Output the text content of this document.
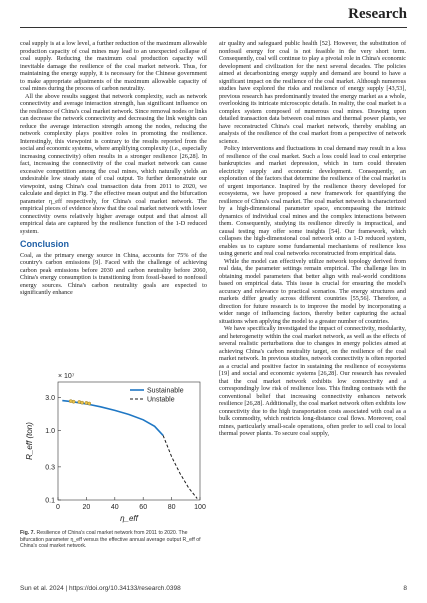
Research

coal supply is at a low level, a further reduction of the maximum allowable production capacity of coal mines may lead to an unexpected collapse of coal supply. Reducing the maximum coal production capacity will inevitable damage the resilience of the coal market network. Thus, for maintaining the energy supply, it is necessary for the Chinese government to make appropriate adjustments of the maximum allowable capacity of coal mines during the process of carbon neutrality.

All the above results suggest that network complexity, such as network connectivity and average interaction strength, has significant influence on the resilience of China's coal market network. Since removal nodes or links can decrease the network connectivity and decreasing the link weights can reduce the average interaction strength among the nodes, reducing the network complexity plays positive roles in promoting the resilience. Interestingly, this viewpoint is contrary to the results reported from the social and economic systems, where amplifying complexity (i.e., especially increasing connectivity) often results in a stronger resilience [26,28]. In fact, increasing the connectivity of the coal market network can cause excessive competition among the coal mines, which naturally yields an undesirable low steady state of coal output. To further demonstrate our viewpoint, using China's coal transaction data from 2011 to 2020, we calculate and depict in Fig. 7 the effective mean output and the bifurcation parameter η_eff respectively, for China's coal market network. The empirical pieces of evidence show that the coal market network with lower connectivity owns relatively higher average output and that almost all empirical data are captured by the resilience function of the 1-D reduced system.

Conclusion

Coal, as the primary energy source in China, accounts for 75% of the country's carbon emissions [9]. Faced with the challenge of achieving carbon peak emissions before 2030 and carbon neutrality before 2060, China's energy consumption is transitioning from fossil-based to nonfossil energy sources. China's carbon neutrality goals are expected to significantly enhance

air quality and safeguard public health [52]. However, the substitution of nonfossil energy for coal is not feasible in the very short term. Consequently, coal will continue to play a pivotal role in China's economic development and civilization for the next several decades. The policies aimed at decarbonizing energy supply and demand are bound to have a significant impact on the resilience of the coal market. Although numerous studies have explored the risks and resilience of energy supply [43,53], previous research has predominantly treated the energy market as a whole, overlooking its intricate microscopic details. In reality, the coal market is a complex system composed of numerous coal mines. Drawing upon detailed transaction data between coal mines and thermal power plants, we have reconstructed China's coal market network, thereby enabling an analysis of the resilience of the coal market from a perspective of network science.

Policy interventions and fluctuations in coal demand may result in a loss of resilience of the coal market. Such a loss could lead to coal enterprise bankruptcies and market depression, which in turn could threaten electricity supply and economic development. Consequently, an exploration of the factors that determine the resilience of the coal market is of urgent importance. Inspired by the resilience theory developed for ecosystems, we have proposed a new framework for quantifying the resilience of China's coal market. The coal market network is characterized by a high-dimensional parameter space, encompassing the intrinsic dynamics of individual coal mines and the complex interactions between them. Consequently, studying its resilience directly is impractical, and causal testing may offer some insights [54]. Our framework, which collapses the high-dimensional coal network onto a 1-D reduced system, enables us to capture some fundamental mechanisms of resilience loss using generic and real coal networks reconstructed from empirical data.

While the model can effectively utilize network topology derived from real data, the parameter settings remain empirical. The challenge lies in obtaining model parameters that better align with real-world conditions based on empirical data. This issue is crucial for ensuring the model's accuracy and relevance to practical scenarios. The energy structures and markets differ greatly across different countries [55,56]. Therefore, a direction for future research is to improve the model by incorporating a wider range of influencing factors, thereby better capturing the actual situations when applying the model to a greater number of countries.

We have specifically investigated the impact of connectivity, modularity, and heterogeneity within the coal market network, as well as the effects of several realistic perturbations due to changes in energy policies aimed at achieving China's carbon neutrality target, on the resilience of the coal market network. In previous studies, network connectivity is often reported as a crucial and positive factor in sustaining the resilience of ecosystems [19] and social and economic systems [26,28]. Our research has revealed that the coal market network exhibits low connectivity and a correspondingly low risk of resilience loss. This finding contrasts with the conventional belief that increasing connectivity enhances network resilience [26,28]. Additionally, the coal market network often exhibits low connectivity due to the high transportation costs associated with coal as a bulk commodity, which restricts long-distance coal flows. Moreover, coal mines, particularly small-scale operations, often prefer to sell coal to local thermal power plants. To secure coal supply,

0	20	40	60	80	100
0.1
0.3
1.0
3.0
× 10⁷
η_eff
R_eff (ton)
Sustainable
Unstable
Fig. 7. Resilience of China's coal market network from 2011 to 2020. The bifurcation parameter η_eff versus the effective annual average output R_eff of China's coal market network.
Sun et al. 2024 | https://doi.org/10.34133/research.0398	8
